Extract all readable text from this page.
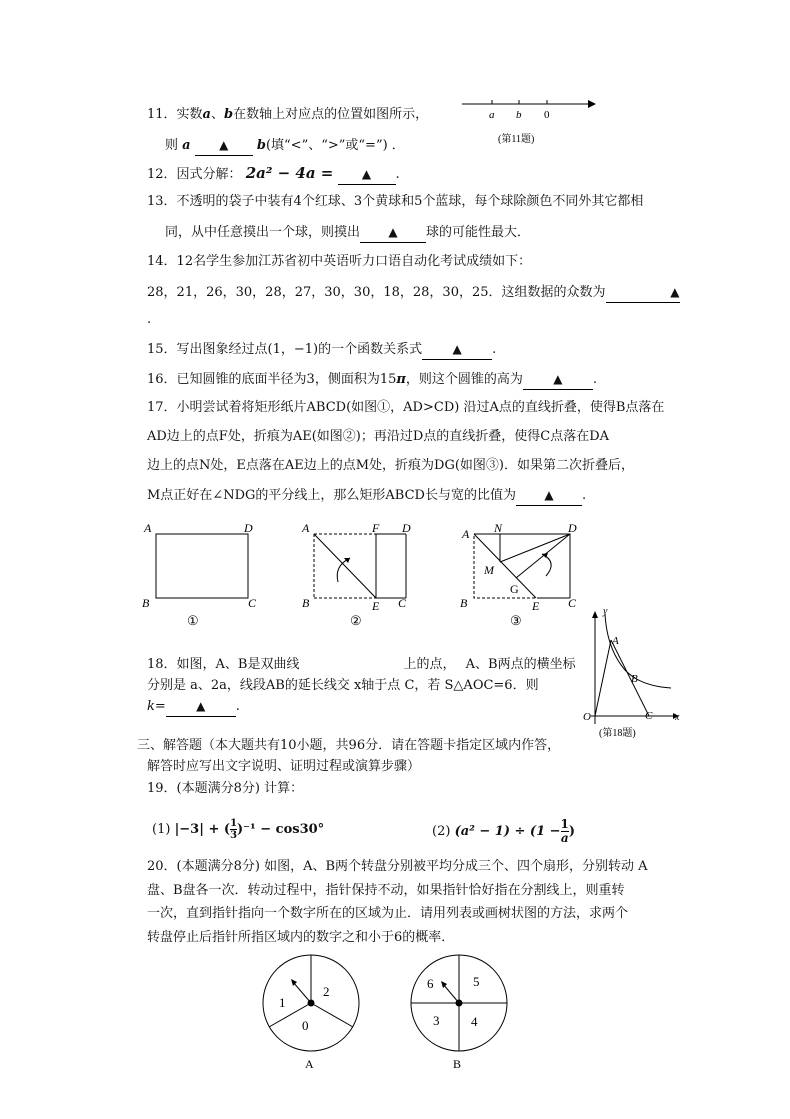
11．实数a、b在数轴上对应点的位置如图所示，
则 a ▲ b(填“<”、“>”或“=”) ．
a b 0
(第11题)
12．因式分解： 2a² − 4a = ▲ .
13．不透明的袋子中装有4个红球、3个黄球和5个蓝球，每个球除颜色不同外其它都相
同，从中任意摸出一个球，则摸出 ▲ 球的可能性最大．
14．12名学生参加江苏省初中英语听力口语自动化考试成绩如下：
28，21，26，30，28，27，30，30，18，28，30，25．这组数据的众数为	▲
.
15．写出图象经过点(1，−1)的一个函数关系式	▲ .
16．已知圆锥的底面半径为3，侧面积为15π，则这个圆锥的高为	▲ .
17．小明尝试着将矩形纸片ABCD(如图①，AD>CD) 沿过A点的直线折叠，使得B点落在
AD边上的点F处，折痕为AE(如图②)；再沿过D点的直线折叠，使得C点落在DA
边上的点N处，E点落在AE边上的点M处，折痕为DG(如图③)．如果第二次折叠后，
M点正好在∠NDG的平分线上，那么矩形ABCD长与宽的比值为 ▲ .
A	D
B	C
①
A	F D
B	E C
②
A N	D
M
G
B	E C
③
18．如图，A、B是双曲线	上的点， A、B两点的横坐标
分别是 a、2a，线段AB的延长线交 x轴于点 C，若 S△AOC=6．则
k=	▲ .
y
x
A
B
O	C
(第18题)
三、解答题（本大题共有10小题，共96分．请在答题卡指定区域内作答，
解答时应写出文字说明、证明过程或演算步骤）
19．(本题满分8分) 计算：
(1) |−3| + ( $\frac{1}{3} )^{-1} - \cos 30^\circ$	(2) $(a^2 - 1) \div (1 - \frac{1}{a}$ )
20．(本题满分8分) 如图，A、B两个转盘分别被平均分成三个、四个扇形，分别转动 A
盘、B盘各一次．转动过程中，指针保持不动，如果指针恰好指在分割线上，则重转
一次，直到指针指向一个数字所在的区域为止．请用列表或画树状图的方法，求两个
转盘停止后指针所指区域内的数字之和小于6的概率．
1
2
0
A
6	5
3 4
B
